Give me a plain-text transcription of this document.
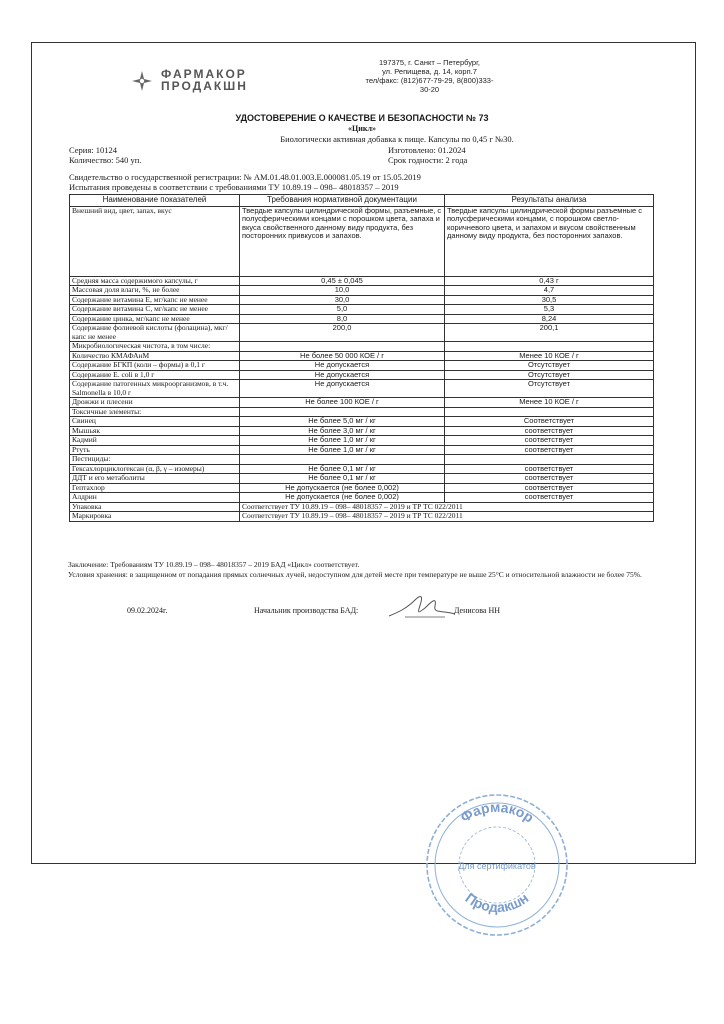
ФАРМАКОР
ПРОДАКШН
197375, г. Санкт – Петербург,
ул. Репищева, д. 14, корп.7
тел/факс: (812)677-79-29, 8(800)333-
30-20
УДОСТОВЕРЕНИЕ О КАЧЕСТВЕ И БЕЗОПАСНОСТИ № 73
«Цикл»
Биологически активная добавка к пище. Капсулы по 0,45 г №30.
Серия: 10124	Изготовлено: 01.2024
Количество: 540 уп.	Срок годности: 2 года
Свидетельство о государственной регистрации: № AM.01.48.01.003.E.000081.05.19 от 15.05.2019
Испытания проведены в соответствии с требованиями ТУ 10.89.19 – 098– 48018357 – 2019
Наименование показателей	Требования нормативной документации	Результаты анализа
Внешний вид, цвет, запах, вкус	Твердые капсулы цилиндрической формы, разъемные, с полусферическими концами с порошком цвета, запаха и вкуса свойственного данному виду продукта, без посторонних привкусов и запахов.	Твердые капсулы цилиндрической формы разъемные с полусферическими концами, с порошком светло-коричневого цвета, и запахом и вкусом свойственным данному виду продукта, без посторонних запахов.
Средняя масса содержимого капсулы, г	0,45 ± 0,045	0,43 г
Массовая доля влаги, %, не более	10,0	4,7
Содержание витамина Е, мг/капс не менее	30,0	30,5
Содержание витамина С, мг/капс не менее	5,0	5,3
Содержание цинка, мг/капс не менее	8,0	8,24
Содержание фолиевой кислоты (фолацина), мкг/капс не менее	200,0	200,1
Микробиологическая чистота, в том числе:		
Количество КМАФАнМ	Не более 50 000 КОЕ / г	Менее 10 КОЕ / г
Содержание БГКП (коли – формы) в 0,1 г	Не допускается	Отсутствует
Содержание E. coli в 1,0 г	Не допускается	Отсутствует
Содержание патогенных микроорганизмов, в т.ч. Salmonella в 10,0 г	Не допускается	Отсутствует
Дрожжи и плесени	Не более 100 КОЕ / г	Менее 10 КОЕ / г
Токсичные элементы:		
Свинец	Не более 5,0 мг / кг	Соответствует
Мышьяк	Не более 3,0 мг / кг	соответствует
Кадмий	Не более 1,0 мг / кг	соответствует
Ртуть	Не более 1,0 мг / кг	соответствует
Пестициды:		
Гексахлорциклогексан (α, β, γ – изомеры)	Не более 0,1 мг / кг	соответствует
ДДТ и его метаболиты	Не более 0,1 мг / кг	соответствует
Гептахлор	Не допускается (не более 0,002)	соответствует
Алдрин	Не допускается (не более 0,002)	соответствует
Упаковка	Соответствует ТУ 10.89.19 – 098– 48018357 – 2019 и ТР ТС 022/2011	
Маркировка	Соответствует ТУ 10.89.19 – 098– 48018357 – 2019 и ТР ТС 022/2011	
Заключение: Требованиям ТУ 10.89.19 – 098– 48018357 – 2019 БАД «Цикл» соответствует.
Условия хранения: в защищенном от попадания прямых солнечных лучей, недоступном для детей месте при температуре не выше 25°С и относительной влажности не более 75%.
09.02.2024г.	Начальник производства БАД:	Денисова НН
Фармакор
Продакшн
Для сертификатов
